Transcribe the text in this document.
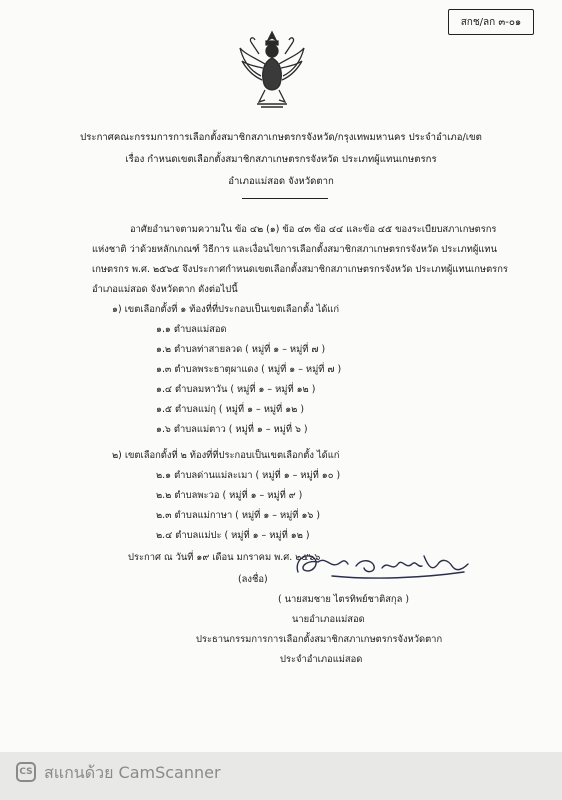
สกช/ลก ๓-๐๑
ประกาศคณะกรรมการการเลือกตั้งสมาชิกสภาเกษตรกรจังหวัด/กรุงเทพมหานคร ประจำอำเภอ/เขต
เรื่อง กำหนดเขตเลือกตั้งสมาชิกสภาเกษตรกรจังหวัด ประเภทผู้แทนเกษตรกร
อำเภอแม่สอด จังหวัดตาก
อาศัยอำนาจตามความใน ข้อ ๔๒ (๑) ข้อ ๔๓ ข้อ ๔๔ และข้อ ๔๕ ของระเบียบสภาเกษตรกร
แห่งชาติ ว่าด้วยหลักเกณฑ์ วิธีการ และเงื่อนไขการเลือกตั้งสมาชิกสภาเกษตรกรจังหวัด ประเภทผู้แทน
เกษตรกร พ.ศ. ๒๕๖๕ จึงประกาศกำหนดเขตเลือกตั้งสมาชิกสภาเกษตรกรจังหวัด ประเภทผู้แทนเกษตรกร
อำเภอแม่สอด จังหวัดตาก ดังต่อไปนี้
๑) เขตเลือกตั้งที่ ๑ ท้องที่ที่ประกอบเป็นเขตเลือกตั้ง ได้แก่
๑.๑ ตำบลแม่สอด
๑.๒ ตำบลท่าสายลวด ( หมู่ที่ ๑ – หมู่ที่ ๗ )
๑.๓ ตำบลพระธาตุผาแดง ( หมู่ที่ ๑ – หมู่ที่ ๗ )
๑.๔ ตำบลมหาวัน ( หมู่ที่ ๑ – หมู่ที่ ๑๒ )
๑.๕ ตำบลแม่กุ ( หมู่ที่ ๑ – หมู่ที่ ๑๒ )
๑.๖ ตำบลแม่ตาว ( หมู่ที่ ๑ – หมู่ที่ ๖ )
๒) เขตเลือกตั้งที่ ๒ ท้องที่ที่ประกอบเป็นเขตเลือกตั้ง ได้แก่
๒.๑ ตำบลด่านแม่ละเมา ( หมู่ที่ ๑ – หมู่ที่ ๑๐ )
๒.๒ ตำบลพะวอ ( หมู่ที่ ๑ – หมู่ที่ ๙ )
๒.๓ ตำบลแม่กาษา ( หมู่ที่ ๑ – หมู่ที่ ๑๖ )
๒.๔ ตำบลแม่ปะ ( หมู่ที่ ๑ – หมู่ที่ ๑๒ )
ประกาศ ณ วันที่ ๑๙ เดือน มกราคม พ.ศ. ๒๕๖๖
(ลงชื่อ)
( นายสมชาย ไตรทิพย์ชาติสกุล )
นายอำเภอแม่สอด
ประธานกรรมการการเลือกตั้งสมาชิกสภาเกษตรกรจังหวัดตาก
ประจำอำเภอแม่สอด
CS สแกนด้วย CamScanner
